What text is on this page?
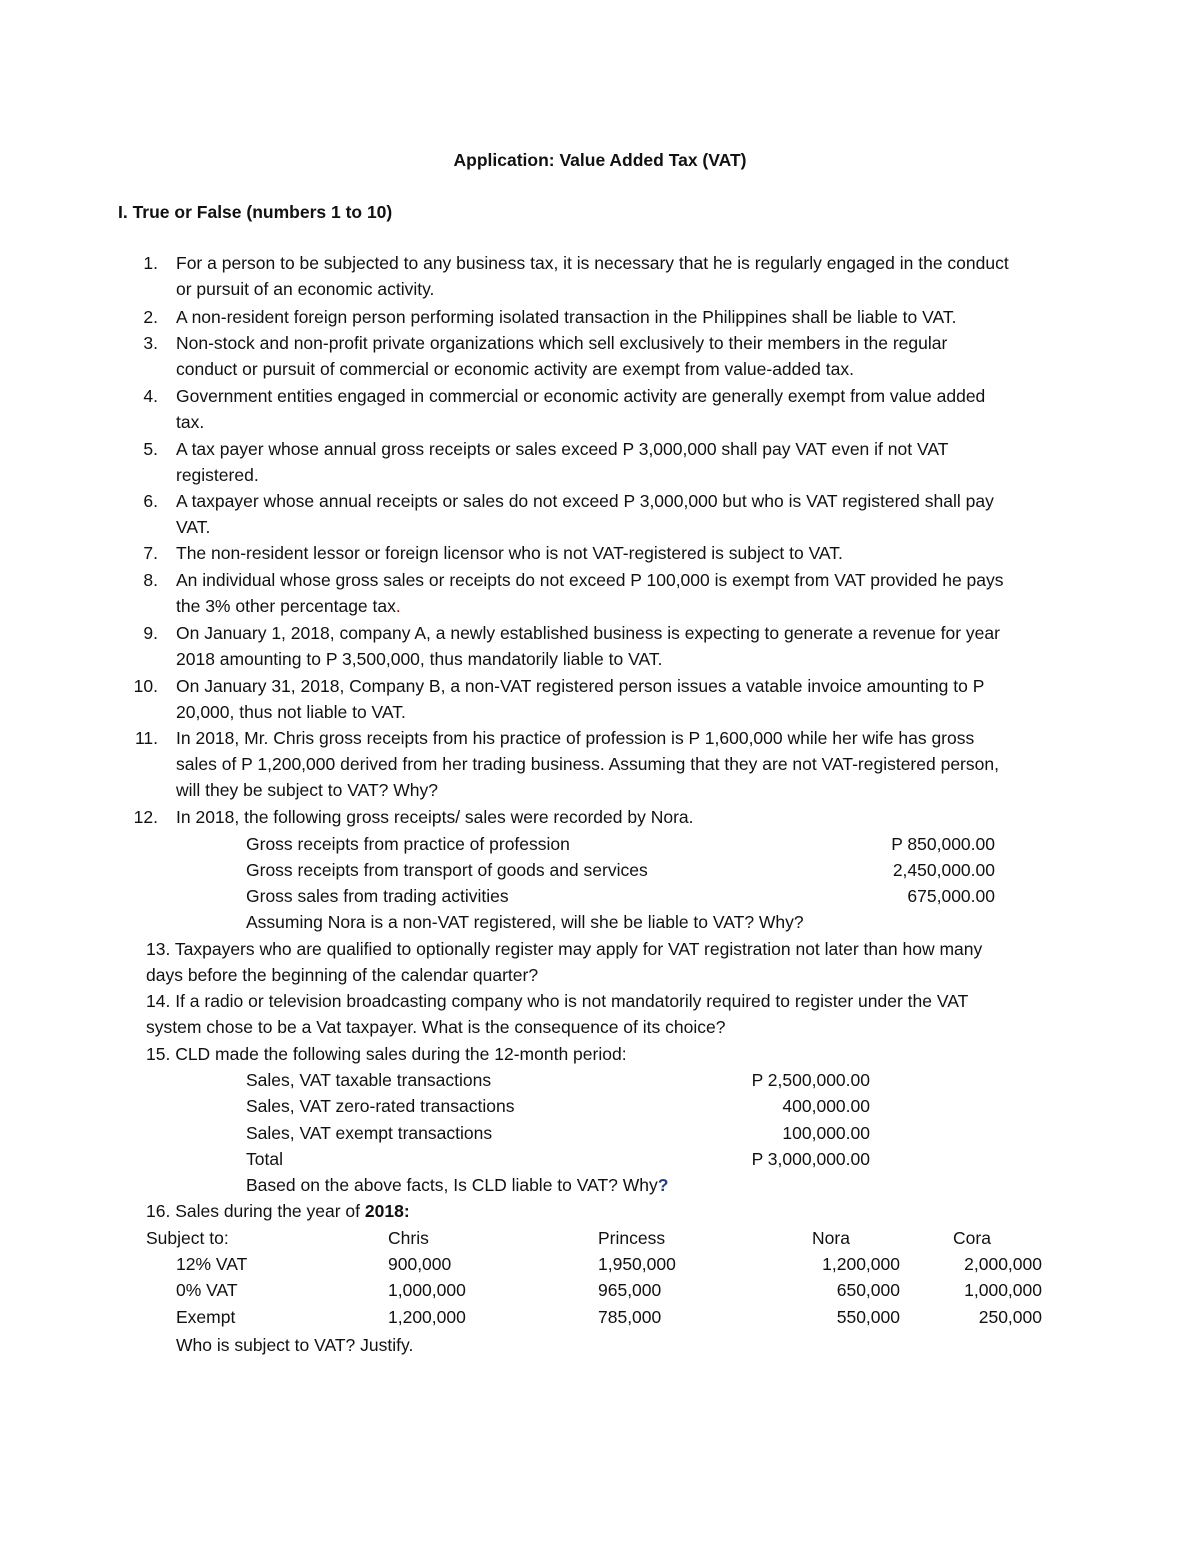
Application: Value Added Tax (VAT)
I. True or False (numbers 1 to 10)
1. For a person to be subjected to any business tax, it is necessary that he is regularly engaged in the conduct
or pursuit of an economic activity.
2. A non-resident foreign person performing isolated transaction in the Philippines shall be liable to VAT.
3. Non-stock and non-profit private organizations which sell exclusively to their members in the regular
conduct or pursuit of commercial or economic activity are exempt from value-added tax.
4. Government entities engaged in commercial or economic activity are generally exempt from value added
tax.
5. A tax payer whose annual gross receipts or sales exceed P 3,000,000 shall pay VAT even if not VAT
registered.
6. A taxpayer whose annual receipts or sales do not exceed P 3,000,000 but who is VAT registered shall pay
VAT.
7. The non-resident lessor or foreign licensor who is not VAT-registered is subject to VAT.
8. An individual whose gross sales or receipts do not exceed P 100,000 is exempt from VAT provided he pays
the 3% other percentage tax.
9. On January 1, 2018, company A, a newly established business is expecting to generate a revenue for year
2018 amounting to P 3,500,000, thus mandatorily liable to VAT.
10. On January 31, 2018, Company B, a non-VAT registered person issues a vatable invoice amounting to P
20,000, thus not liable to VAT.
11. In 2018, Mr. Chris gross receipts from his practice of profession is P 1,600,000 while her wife has gross
sales of P 1,200,000 derived from her trading business. Assuming that they are not VAT-registered person,
will they be subject to VAT? Why?
12. In 2018, the following gross receipts/ sales were recorded by Nora.
Gross receipts from practice of profession	P 850,000.00
Gross receipts from transport of goods and services	2,450,000.00
Gross sales from trading activities	675,000.00
Assuming Nora is a non-VAT registered, will she be liable to VAT? Why?
13. Taxpayers who are qualified to optionally register may apply for VAT registration not later than how many
days before the beginning of the calendar quarter?
14. If a radio or television broadcasting company who is not mandatorily required to register under the VAT
system chose to be a Vat taxpayer. What is the consequence of its choice?
15. CLD made the following sales during the 12-month period:
Sales, VAT taxable transactions	P 2,500,000.00
Sales, VAT zero-rated transactions	400,000.00
Sales, VAT exempt transactions	100,000.00
Total	P 3,000,000.00
Based on the above facts, Is CLD liable to VAT? Why?
16. Sales during the year of 2018:
Subject to:	Chris	Princess	Nora	Cora
12% VAT	900,000	1,950,000	1,200,000	2,000,000
0% VAT	1,000,000	965,000	650,000	1,000,000
Exempt	1,200,000	785,000	550,000	250,000
Who is subject to VAT? Justify.
